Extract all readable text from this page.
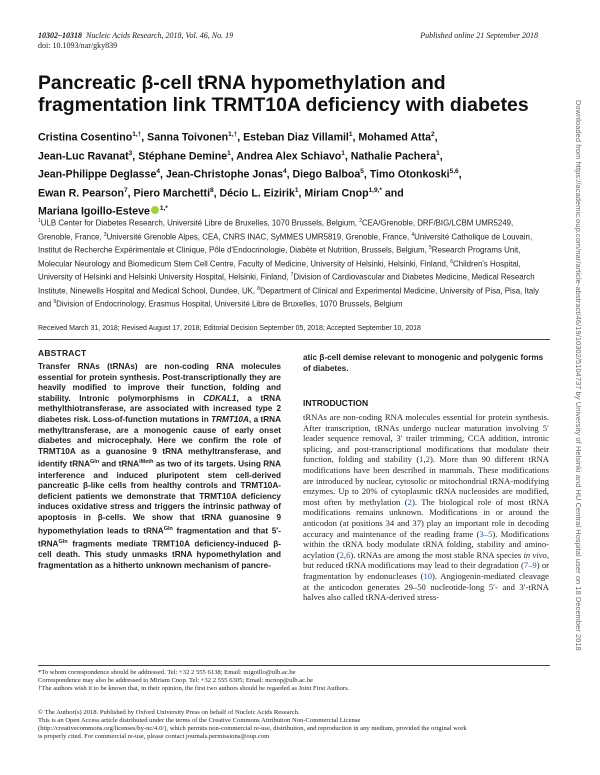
10302–10318 Nucleic Acids Research, 2018, Vol. 46, No. 19
doi: 10.1093/nar/gky839
Published online 21 September 2018
Pancreatic β-cell tRNA hypomethylation and
fragmentation link TRMT10A deficiency with diabetes
Cristina Cosentino$^{1,\dagger}$, Sanna Toivonen$^{1,\dagger}$, Esteban Diaz Villamil$^1$, Mohamed Atta$^2$,
Jean-Luc Ravanat$^3$, Stéphane Demine$^1$, Andrea Alex Schiavo$^1$, Nathalie Pachera$^1$,
Jean-Philippe Deglasse$^4$, Jean-Christophe Jonas$^4$, Diego Balboa$^5$, Timo Otonkoski$^{5,6}$,
Ewan R. Pearson$^7$, Piero Marchetti$^8$, Décio L. Eizirik$^1$, Miriam Cnop$^{1,9,*}$ and
Mariana Igoillo-Esteve $^{1,*}$
$^1$ULB Center for Diabetes Research, Université Libre de Bruxelles, 1070 Brussels, Belgium, $^2$CEA/Grenoble, DRF/BIG/LCBM UMR5249, Grenoble, France, $^3$Université Grenoble Alpes, CEA, CNRS INAC, SyMMES UMR5819, Grenoble, France, $^4$Université Catholique de Louvain, Institut de Recherche Expérimentale et Clinique, Pôle d'Endocrinologie, Diabète et Nutrition, Brussels, Belgium, $^5$Research Programs Unit, Molecular Neurology and Biomedicum Stem Cell Centre, Faculty of Medicine, University of Helsinki, Helsinki, Finland, $^6$Children's Hospital, University of Helsinki and Helsinki University Hospital, Helsinki, Finland, $^7$Division of Cardiovascular and Diabetes Medicine, Medical Research Institute, Ninewells Hospital and Medical School, Dundee, UK, $^8$Department of Clinical and Experimental Medicine, University of Pisa, Pisa, Italy and $^9$Division of Endocrinology, Erasmus Hospital, Université Libre de Bruxelles, 1070 Brussels, Belgium
Received March 31, 2018; Revised August 17, 2018; Editorial Decision September 05, 2018; Accepted September 10, 2018
ABSTRACT
Transfer RNAs (tRNAs) are non-coding RNA molecules essential for protein synthesis. Post-transcriptionally they are heavily modified to improve their function, folding and stability. Intronic polymorphisms in CDKAL1, a tRNA methylthiotransferase, are associated with increased type 2 diabetes risk. Loss-of-function mutations in TRMT10A, a tRNA methyltransferase, are a monogenic cause of early onset diabetes and microcephaly. Here we confirm the role of TRMT10A as a guanosine 9 tRNA methyltransferase, and identify tRNA$^{Gln}$ and tRNA$^{iMeth}$ as two of its targets. Using RNA interference and induced pluripotent stem cell-derived pancreatic β-like cells from healthy controls and TRMT10A-deficient patients we demonstrate that TRMT10A deficiency induces oxidative stress and triggers the intrinsic pathway of apoptosis in β-cells. We show that tRNA guanosine 9 hypomethylation leads to tRNA$^{Gln}$ fragmentation and that 5′-tRNA$^{Gln}$ fragments mediate TRMT10A deficiency-induced β-cell death. This study unmasks tRNA hypomethylation and fragmentation as a hitherto unknown mechanism of pancre-
atic β-cell demise relevant to monogenic and polygenic forms of diabetes.
INTRODUCTION
tRNAs are non-coding RNA molecules essential for protein synthesis. After transcription, tRNAs undergo nuclear maturation involving 5′ leader sequence removal, 3′ trailer trimming, CCA addition, intronic splicing, and post-transcriptional modifications that modulate their function, folding and stability (1,2). More than 90 different tRNA modifications have been described in mammals. These modifications are introduced by nuclear, cytosolic or mitochondrial tRNA-modifying enzymes. Up to 20% of cytoplasmic tRNA nucleosides are modified, most often by methylation (2). The biological role of most tRNA modifications remains unknown. Modifications in or around the anticodon (at positions 34 and 37) play an important role in decoding accuracy and maintenance of the reading frame (3–5). Modifications within the tRNA body modulate tRNA folding, stability and amino-acylation (2,6). tRNAs are among the most stable RNA species in vivo, but reduced tRNA modifications may lead to their degradation (7–9) or fragmentation by endonucleases (10). Angiogenin-mediated cleavage at the anticodon generates 29–50 nucleotide-long 5′- and 3′-tRNA halves also called tRNA-derived stress-
*To whom correspondence should be addressed. Tel: +32 2 555 6138; Email: migoillo@ulb.ac.be
Correspondence may also be addressed to Miriam Cnop. Tel: +32 2 555 6305; Email: mcnop@ulb.ac.be
†The authors wish it to be known that, in their opinion, the first two authors should be regarded as Joint First Authors.
© The Author(s) 2018. Published by Oxford University Press on behalf of Nucleic Acids Research.
This is an Open Access article distributed under the terms of the Creative Commons Attribution Non-Commercial License
(http://creativecommons.org/licenses/by-nc/4.0/), which permits non-commercial re-use, distribution, and reproduction in any medium, provided the original work
is properly cited. For commercial re-use, please contact journals.permissions@oup.com
Downloaded from https://academic.oup.com/nar/article-abstract/46/19/10302/5104737 by University of Helsinki and HU Central Hospital user on 18 December 2018
